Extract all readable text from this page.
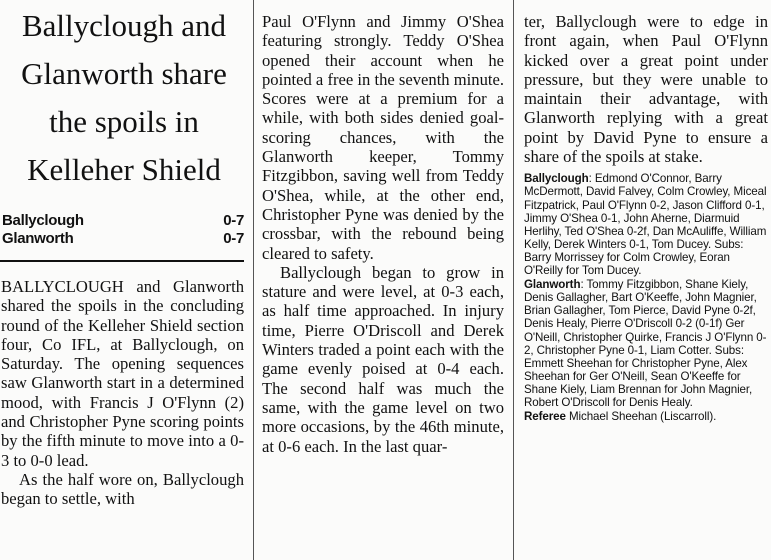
Ballyclough and
Glanworth share
the spoils in
Kelleher Shield
Ballyclough	0-7
Glanworth	0-7

BALLYCLOUGH and Glanworth shared the spoils in the concluding round of the Kelleher Shield section four, Co IFL, at Ballyclough, on Saturday. The opening sequences saw Glanworth start in a determined mood, with Francis J O'Flynn (2) and Christopher Pyne scoring points by the fifth minute to move into a 0-3 to 0-0 lead.

As the half wore on, Ballyclough began to settle, with

Paul O'Flynn and Jimmy O'Shea featuring strongly. Teddy O'Shea opened their account when he pointed a free in the seventh minute. Scores were at a premium for a while, with both sides denied goal-scoring chances, with the Glanworth keeper, Tommy Fitzgibbon, saving well from Teddy O'Shea, while, at the other end, Christopher Pyne was denied by the crossbar, with the rebound being cleared to safety.

Ballyclough began to grow in stature and were level, at 0-3 each, as half time approached. In injury time, Pierre O'Driscoll and Derek Winters traded a point each with the game evenly poised at 0-4 each. The second half was much the same, with the game level on two more occasions, by the 46th minute, at 0-6 each. In the last quar-

ter, Ballyclough were to edge in front again, when Paul O'Flynn kicked over a great point under pressure, but they were unable to maintain their advantage, with Glanworth replying with a great point by David Pyne to ensure a share of the spoils at stake.

Ballyclough: Edmond O'Connor, Barry McDermott, David Falvey, Colm Crowley, Miceal Fitzpatrick, Paul O'Flynn 0-2, Jason Clifford 0-1, Jimmy O'Shea 0-1, John Aherne, Diarmuid Herlihy, Ted O'Shea 0-2f, Dan McAuliffe, William Kelly, Derek Winters 0-1, Tom Ducey. Subs: Barry Morrissey for Colm Crowley, Eoran O'Reilly for Tom Ducey.

Glanworth: Tommy Fitzgibbon, Shane Kiely, Denis Gallagher, Bart O'Keeffe, John Magnier, Brian Gallagher, Tom Pierce, David Pyne 0-2f, Denis Healy, Pierre O'Driscoll 0-2 (0-1f) Ger O'Neill, Christopher Quirke, Francis J O'Flynn 0-2, Christopher Pyne 0-1, Liam Cotter. Subs: Emmett Sheehan for Christopher Pyne, Alex Sheehan for Ger O'Neill, Sean O'Keeffe for Shane Kiely, Liam Brennan for John Magnier, Robert O'Driscoll for Denis Healy.

Referee Michael Sheehan (Liscarroll).
